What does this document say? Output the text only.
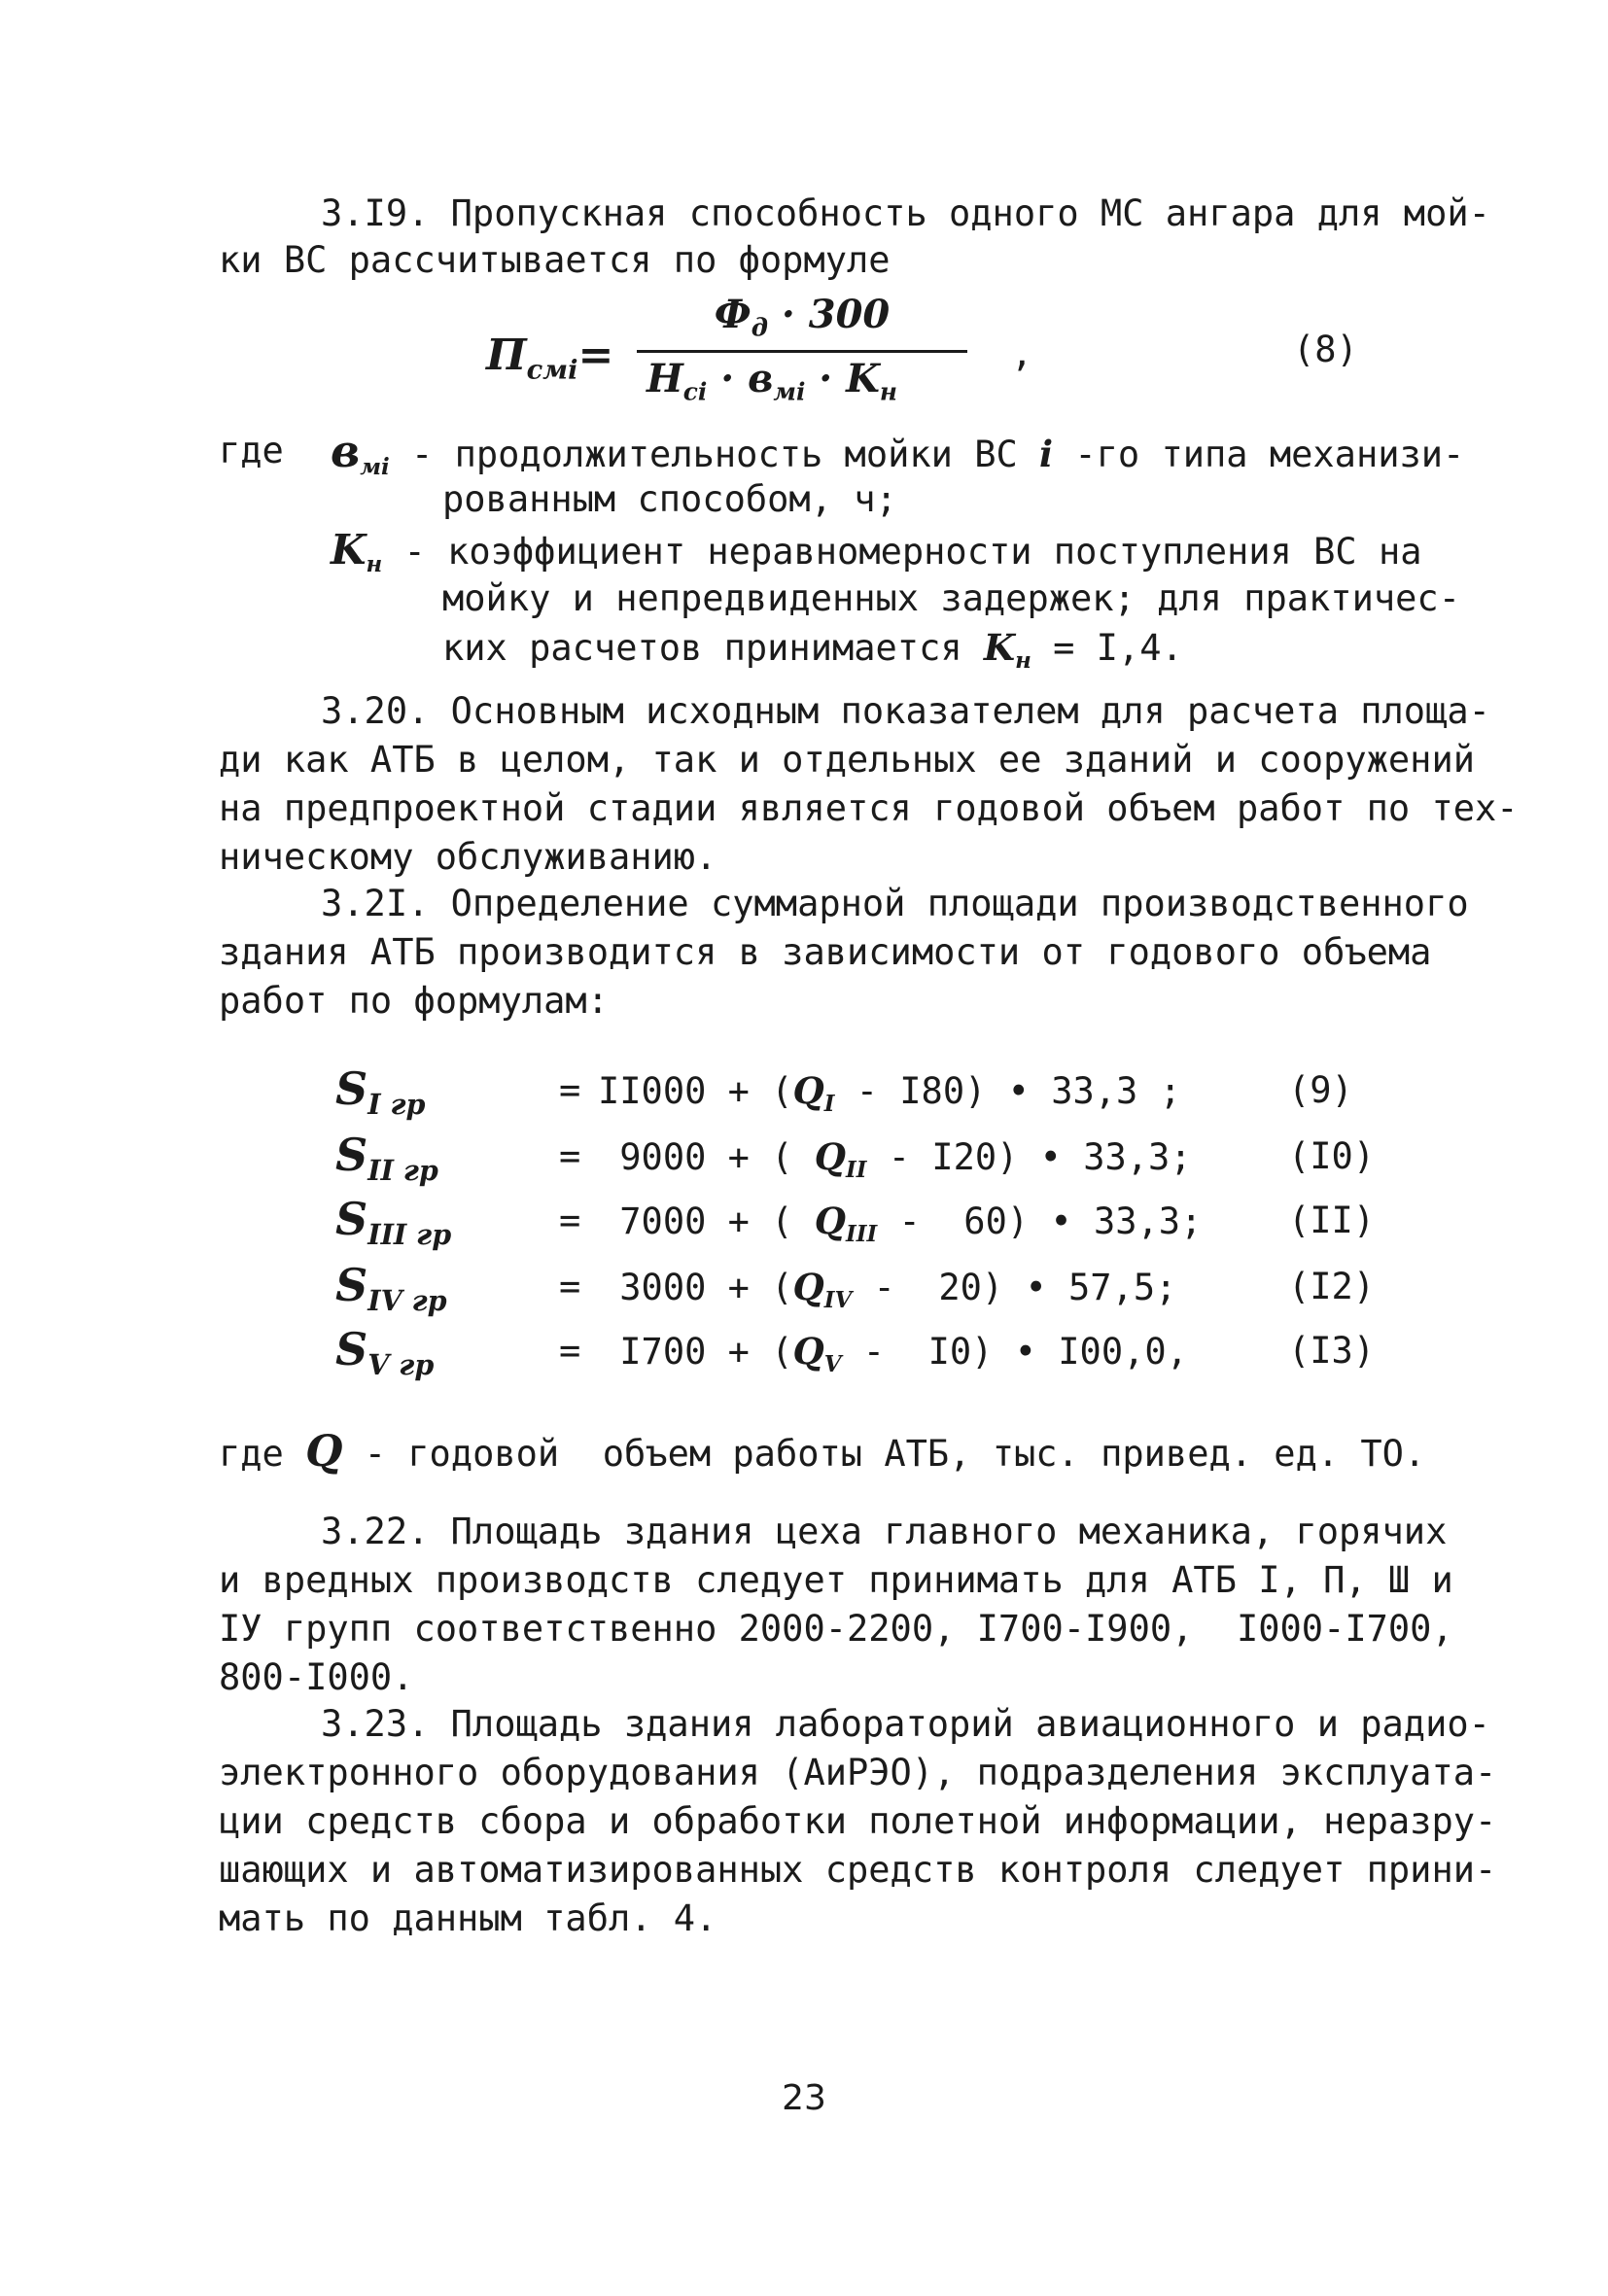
3.I9. Пропускная способность одного МС ангара для мой-
ки ВС рассчитывается по формуле
$П_{смi}=$
$Ф_д \cdot 300$
$H_{ci} \cdot в_{мi} \cdot K_н$
,	(8)
где $в_{мi}$ - продолжительность мойки ВС i -го типа механизи-
рованным способом, ч;
$K_н$ - коэффициент неравномерности поступления ВС на
мойку и непредвиденных задержек; для практичес-
ких расчетов принимается $K_н = I,4$.
3.20. Основным исходным показателем для расчета площа-
ди как АТБ в целом, так и отдельных ее зданий и сооружений
на предпроектной стадии является годовой объем работ по тех-
ническому обслуживанию.
3.2I. Определение суммарной площади производственного
здания АТБ производится в зависимости от годового объема
работ по формулам:
$S_{I гр}$	= $II000 + (Q_I - I80)$ • 33,3 ;	(9)
$S_{II гр}$	= 9000 + ( $Q_{II} - I20$) • 33,3;	(I0)
$S_{III гр}$	= 7000 + ( $Q_{III} - 60$) • 33,3; (II)
$S_{IV гр}$	= $3000 + (Q_{IV} - 20)$ • 57,5;	(I2)
$S_{V гр}$	= $I700 + (Q_V - I0)$ • I00,0,	(I3)
где Q - годовой  объем работы АТБ, тыс. привед. ед. ТО.
3.22. Площадь здания цеха главного механика, горячих
и вредных производств следует принимать для АТБ I, П, Ш и
IУ групп соответственно 2000-2200, I700-I900,  I000-I700,
800-I000.
3.23. Площадь здания лабораторий авиационного и радио-
электронного оборудования (АиРЭО), подразделения эксплуата-
ции средств сбора и обработки полетной информации, неразру-
шающих и автоматизированных средств контроля следует прини-
мать по данным табл. 4.
23
